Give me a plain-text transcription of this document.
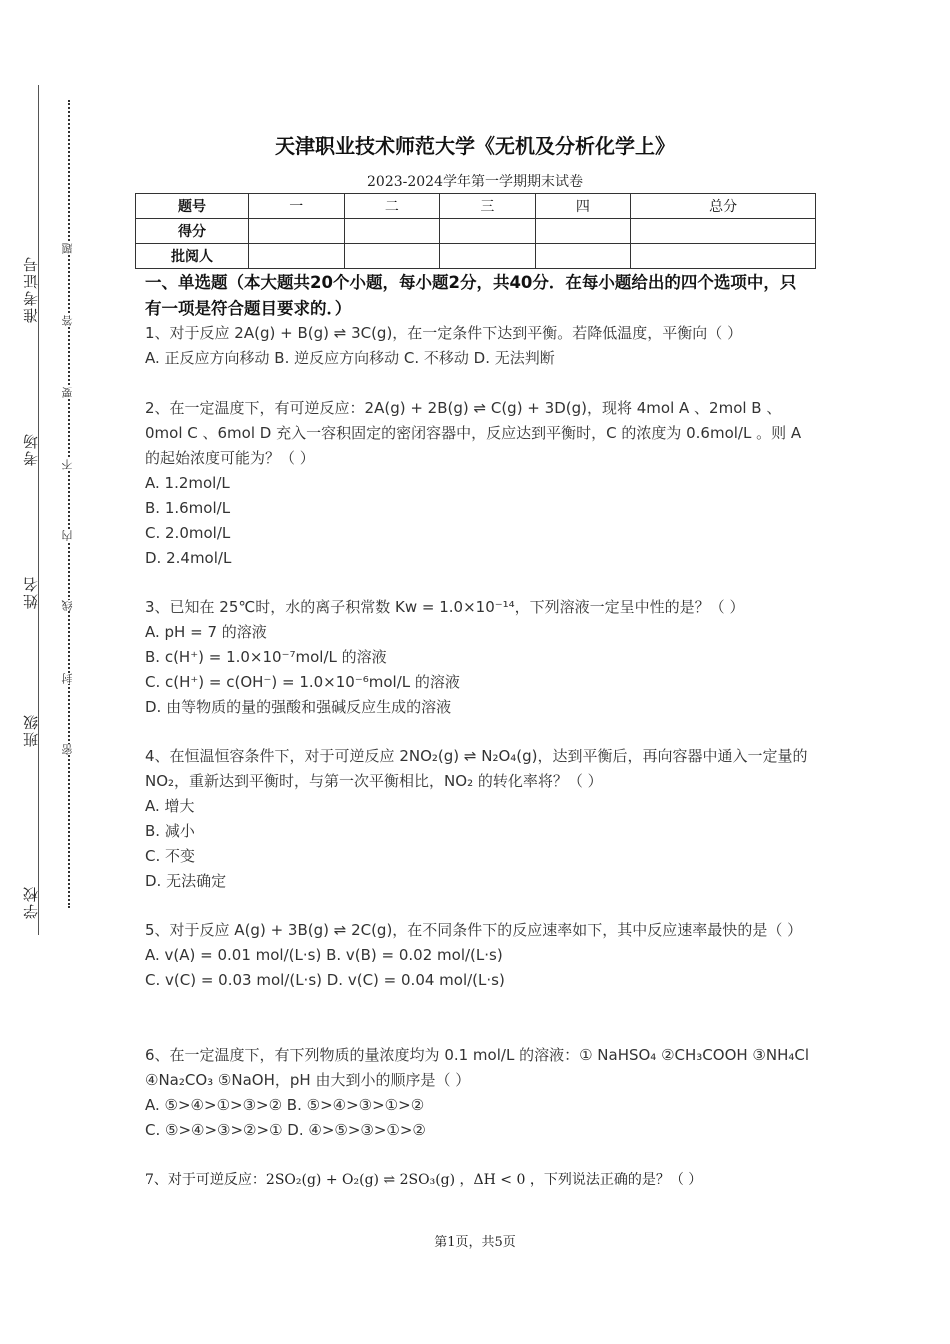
学校
班级
姓名
考场
准考证号
密
封
线
内
不
要
答
题
天津职业技术师范大学《无机及分析化学上》
2023-2024学年第一学期期末试卷
题号	一	二	三	四	总分
得分					
批阅人					
一、单选题（本大题共20个小题，每小题2分，共40分．在每小题给出的四个选项中，只有一项是符合题目要求的．）
1、对于反应 2A(g) + B(g) ⇌ 3C(g)，在一定条件下达到平衡。若降低温度，平衡向（ ）
A. 正反应方向移动 B. 逆反应方向移动 C. 不移动 D. 无法判断
2、在一定温度下，有可逆反应：2A(g) + 2B(g) ⇌ C(g) + 3D(g)，现将 4mol A 、2mol B 、0mol C 、6mol D 充入一容积固定的密闭容器中，反应达到平衡时，C 的浓度为 0.6mol/L 。则 A 的起始浓度可能为？（ ）
A. 1.2mol/L
B. 1.6mol/L
C. 2.0mol/L
D. 2.4mol/L
3、已知在 25℃时，水的离子积常数 Kw = 1.0×10⁻¹⁴，下列溶液一定呈中性的是？（ ）
A. pH = 7 的溶液
B. c(H⁺) = 1.0×10⁻⁷mol/L 的溶液
C. c(H⁺) = c(OH⁻) = 1.0×10⁻⁶mol/L 的溶液
D. 由等物质的量的强酸和强碱反应生成的溶液
4、在恒温恒容条件下，对于可逆反应 2NO₂(g) ⇌ N₂O₄(g)，达到平衡后，再向容器中通入一定量的 NO₂，重新达到平衡时，与第一次平衡相比，NO₂ 的转化率将？（ ）
A. 增大
B. 减小
C. 不变
D. 无法确定
5、对于反应 A(g) + 3B(g) ⇌ 2C(g)，在不同条件下的反应速率如下，其中反应速率最快的是（ ）
A. v(A) = 0.01 mol/(L·s) B. v(B) = 0.02 mol/(L·s)
C. v(C) = 0.03 mol/(L·s) D. v(C) = 0.04 mol/(L·s)
6、在一定温度下，有下列物质的量浓度均为 0.1 mol/L 的溶液：① NaHSO₄ ②CH₃COOH ③NH₄Cl ④Na₂CO₃ ⑤NaOH，pH 由大到小的顺序是（ ）
A. ⑤>④>①>③>② B. ⑤>④>③>①>②
C. ⑤>④>③>②>① D. ④>⑤>③>①>②
7、对于可逆反应：2SO₂(g) + O₂(g) ⇌ 2SO₃(g) ，ΔH < 0 ，下列说法正确的是？（ ）
第1页，共5页
